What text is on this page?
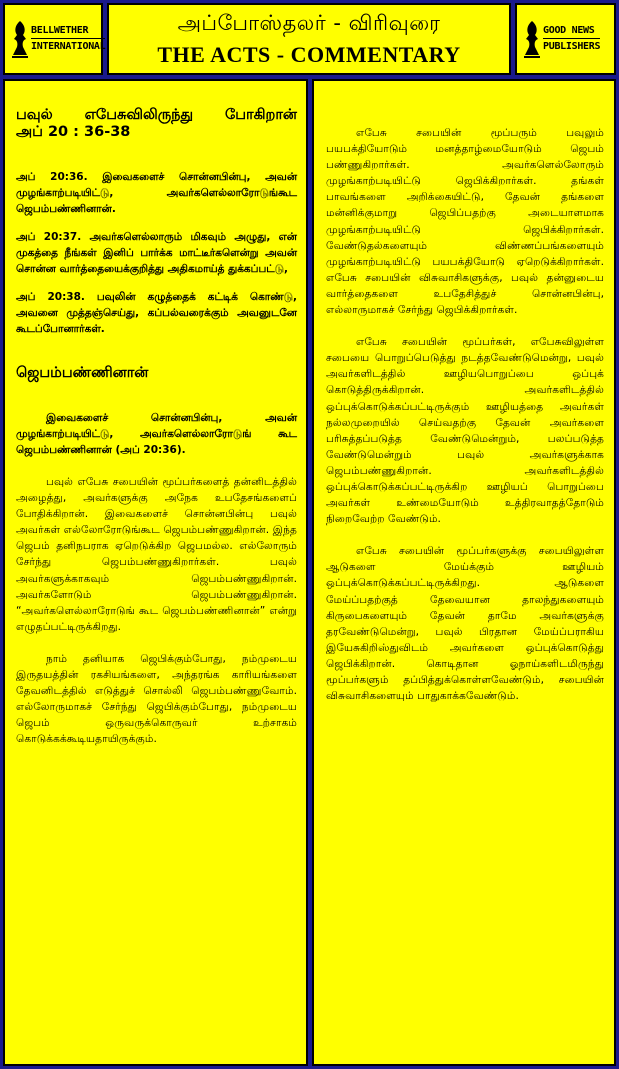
BELLWETHER
INTERNATIONAL
அப்போஸ்தலர் - விரிவுரை
THE ACTS - COMMENTARY
GOOD NEWS
PUBLISHERS

பவுல் எபேசுவிலிருந்து போகிறான்

அப் 20 : 36-38

அப் 20:36. இவைகளைச் சொன்னபின்பு, அவன் முழங்காற்படியிட்டு, அவர்களெல்லாரோடுங்கூட ஜெபம்பண்ணினான்.

அப் 20:37. அவர்களெல்லாரும் மிகவும் அழுது, என் முகத்தை நீங்கள் இனிப் பார்க்க மாட்டீர்களென்று அவன் சொன்ன வார்த்தையைக்குறித்து அதிகமாய்த் துக்கப்பட்டு,

அப் 20:38. பவுலின் கழுத்தைக் கட்டிக் கொண்டு, அவனை முத்தஞ்செய்து, கப்பல்வரைக்கும் அவனுடனே கூடப்போனார்கள்.

ஜெபம்பண்ணினான்

இவைகளைச் சொன்னபின்பு, அவன் முழங்காற்படியிட்டு, அவர்களெல்லாரோடுங் கூட ஜெபம்பண்ணினான் (அப் 20:36).

பவுல் எபேசு சபையின் மூப்பர்களைத் தன்னிடத்தில் அழைத்து, அவர்களுக்கு அநேக உபதேசங்களைப் போதிக்கிறான். இவைகளைச் சொன்னபின்பு பவுல் அவர்கள் எல்லோரோடுங்கூட ஜெபம்பண்ணுகிறான். இந்த ஜெபம் தனிநபராக ஏறெடுக்கிற ஜெபமல்ல. எல்லோரும் சேர்ந்து ஜெபம்பண்ணுகிறார்கள். பவுல் அவர்களுக்காகவும் ஜெபம்பண்ணுகிறான். அவர்களோடும் ஜெபம்பண்ணுகிறான். “அவர்களெல்லாரோடுங் கூட ஜெபம்பண்ணினான்” என்று எழுதப்பட்டிருக்கிறது.

நாம் தனியாக ஜெபிக்கும்போது, நம்முடைய இருதயத்தின் ரகசியங்களை, அந்தரங்க காரியங்களை தேவனிடத்தில் எடுத்துச் சொல்லி ஜெபம்பண்ணுவோம். எல்லோருமாகச் சேர்ந்து ஜெபிக்கும்போது, நம்முடைய ஜெபம் ஒருவருக்கொருவர் உற்சாகம் கொடுக்கக்கூடியதாயிருக்கும்.

எபேசு சபையின் மூப்பரும் பவுலும் பயபக்தியோடும் மனத்தாழ்மையோடும் ஜெபம் பண்ணுகிறார்கள். அவர்களெல்லோரும் முழங்காற்படியிட்டு ஜெபிக்கிறார்கள். தங்கள் பாவங்களை அறிக்கையிட்டு, தேவன் தங்களை மன்னிக்குமாறு ஜெபிப்பதற்கு அடையாளமாக முழங்காற்படியிட்டு ஜெபிக்கிறார்கள். வேண்டுதல்களையும் விண்ணப்பங்களையும் முழங்காற்படியிட்டு பயபக்தியோடு ஏறெடுக்கிறார்கள். எபேசு சபையின் விசுவாசிகளுக்கு, பவுல் தன்னுடைய வார்த்தைகளை உபதேசித்துச் சொன்னபின்பு, எல்லாருமாகச் சேர்ந்து ஜெபிக்கிறார்கள்.

எபேசு சபையின் மூப்பர்கள், எபேசுவிலுள்ள சபையை பொறுப்பெடுத்து நடத்தவேண்டுமென்று, பவுல் அவர்களிடத்தில் ஊழியபொறுப்பை ஒப்புக் கொடுத்திருக்கிறான். அவர்களிடத்தில் ஒப்புக்கொடுக்கப்பட்டிருக்கும் ஊழியத்தை அவர்கள் நல்லமுறையில் செய்வதற்கு தேவன் அவர்களை பரிசுத்தப்படுத்த வேண்டுமென்றும், பலப்படுத்த வேண்டுமென்றும் பவுல் அவர்களுக்காக ஜெபம்பண்ணுகிறான். அவர்களிடத்தில் ஒப்புக்கொடுக்கப்பட்டிருக்கிற ஊழியப் பொறுப்பை அவர்கள் உண்மையோடும் உத்திரவாதத்தோடும் நிறைவேற்ற வேண்டும்.

எபேசு சபையின் மூப்பர்களுக்கு சபையிலுள்ள ஆடுகளை மேய்க்கும் ஊழியம் ஒப்புக்கொடுக்கப்பட்டிருக்கிறது. ஆடுகளை மேய்ப்பதற்குத் தேவையான தாலந்துகளையும் கிருபைகளையும் தேவன் தாமே அவர்களுக்கு தரவேண்டுமென்று, பவுல் பிரதான மேய்ப்பராகிய இயேசுகிறிஸ்துவிடம் அவர்களை ஒப்புக்கொடுத்து ஜெபிக்கிறான். கொடிதான ஓநாய்களிடமிருந்து மூப்பர்களும் தப்பித்துக்கொள்ளவேண்டும், சபையின் விசுவாசிகளையும் பாதுகாக்கவேண்டும்.
